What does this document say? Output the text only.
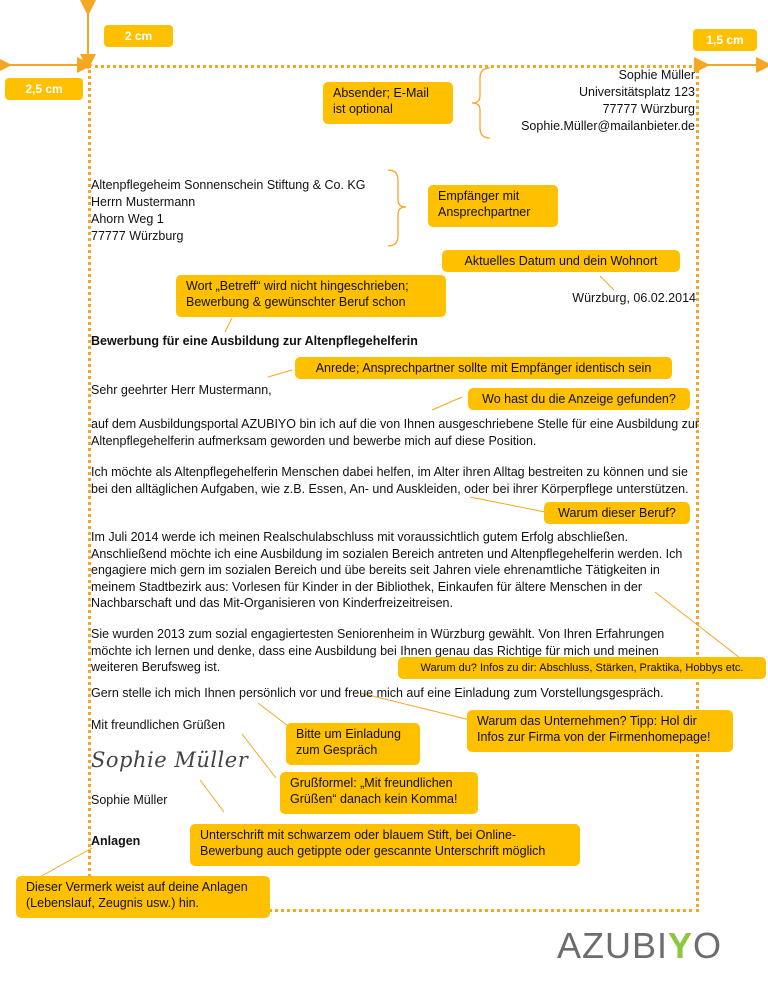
2 cm	1,5 cm
2,5 cm
Sophie Müller
Universitätsplatz 123
77777 Würzburg
Sophie.Müller@mailanbieter.de
Altenpflegeheim Sonnenschein Stiftung & Co. KG
Herrn Mustermann
Ahorn Weg 1
77777 Würzburg
Würzburg, 06.02.2014
Bewerbung für eine Ausbildung zur Altenpflegehelferin
Sehr geehrter Herr Mustermann,
auf dem Ausbildungsportal AZUBIYO bin ich auf die von Ihnen ausgeschriebene Stelle für eine Ausbildung zur Altenpflegehelferin aufmerksam geworden und bewerbe mich auf diese Position.
Ich möchte als Altenpflegehelferin Menschen dabei helfen, im Alter ihren Alltag bestreiten zu können und sie bei den alltäglichen Aufgaben, wie z.B. Essen, An- und Auskleiden, oder bei ihrer Körperpflege unterstützen.
Im Juli 2014 werde ich meinen Realschulabschluss mit voraussichtlich gutem Erfolg abschließen. Anschließend möchte ich eine Ausbildung im sozialen Bereich antreten und Altenpflegehelferin werden. Ich engagiere mich gern im sozialen Bereich und übe bereits seit Jahren viele ehrenamtliche Tätigkeiten in meinem Stadtbezirk aus: Vorlesen für Kinder in der Bibliothek, Einkaufen für ältere Menschen in der Nachbarschaft und das Mit-Organisieren von Kinderfreizeitreisen.
Sie wurden 2013 zum sozial engagiertesten Seniorenheim in Würzburg gewählt. Von Ihren Erfahrungen möchte ich lernen und denke, dass eine Ausbildung bei Ihnen genau das Richtige für mich und meinen weiteren Berufsweg ist.
Gern stelle ich mich Ihnen persönlich vor und freue mich auf eine Einladung zum Vorstellungsgespräch.
Mit freundlichen Grüßen
Sophie Müller
Sophie Müller
Anlagen
Absender; E-Mail ist optional
Empfänger mit Ansprechpartner
Aktuelles Datum und dein Wohnort
Wort „Betreff“ wird nicht hingeschrieben; Bewerbung & gewünschter Beruf schon
Anrede; Ansprechpartner sollte mit Empfänger identisch sein
Wo hast du die Anzeige gefunden?
Warum dieser Beruf?
Warum du? Infos zu dir: Abschluss, Stärken, Praktika, Hobbys etc.
Warum das Unternehmen? Tipp: Hol dir Infos zur Firma von der Firmenhomepage!
Bitte um Einladung zum Gespräch
Grußformel: „Mit freundlichen Grüßen“ danach kein Komma!
Unterschrift mit schwarzem oder blauem Stift, bei Online-Bewerbung auch getippte oder gescannte Unterschrift möglich
Dieser Vermerk weist auf deine Anlagen (Lebenslauf, Zeugnis usw.) hin.
AZUBIYO
